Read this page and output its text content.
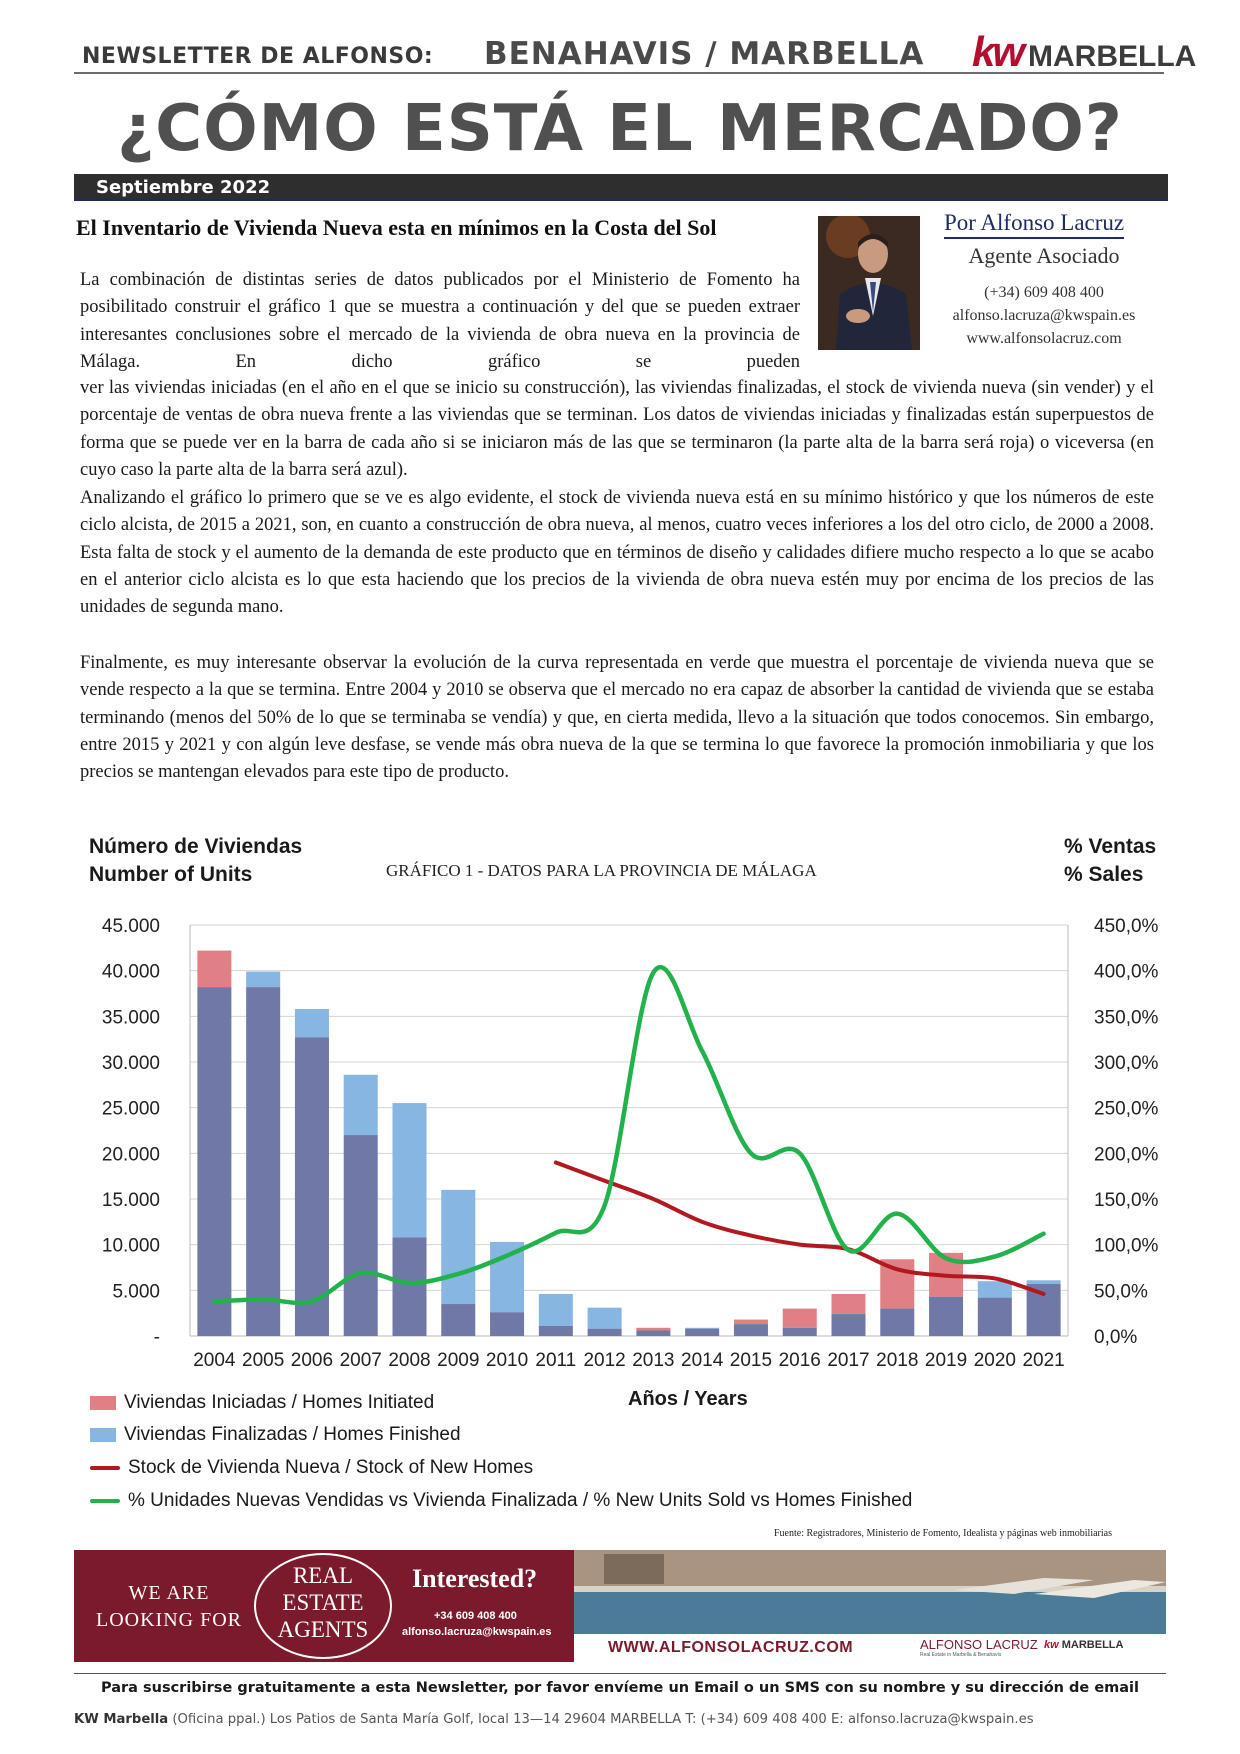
NEWSLETTER DE ALFONSO: BENAHAVIS / MARBELLA kw MARBELLA
¿CÓMO ESTÁ EL MERCADO?
Septiembre 2022
El Inventario de Vivienda Nueva esta en mínimos en la Costa del Sol	Por Alfonso Lacruz
Agente Asociado
(+34) 609 408 400
alfonso.lacruza@kwspain.es
www.alfonsolacruz.com
La combinación de distintas series de datos publicados por el Ministerio de Fomento ha posibilitado construir el gráfico 1 que se muestra a continuación y del que se pueden extraer interesantes conclusiones sobre el mercado de la vivienda de obra nueva en la provincia de Málaga. En dicho gráfico se pueden
ver las viviendas iniciadas (en el año en el que se inicio su construcción), las viviendas finalizadas, el stock de vivienda nueva (sin vender) y el porcentaje de ventas de obra nueva frente a las viviendas que se terminan. Los datos de viviendas iniciadas y finalizadas están superpuestos de forma que se puede ver en la barra de cada año si se iniciaron más de las que se terminaron (la parte alta de la barra será roja) o viceversa (en cuyo caso la parte alta de la barra será azul).
Analizando el gráfico lo primero que se ve es algo evidente, el stock de vivienda nueva está en su mínimo histórico y que los números de este ciclo alcista, de 2015 a 2021, son, en cuanto a construcción de obra nueva, al menos, cuatro veces inferiores a los del otro ciclo, de 2000 a 2008. Esta falta de stock y el aumento de la demanda de este producto que en términos de diseño y calidades difiere mucho respecto a lo que se acabo en el anterior ciclo alcista es lo que esta haciendo que los precios de la vivienda de obra nueva estén muy por encima de los precios de las unidades de segunda mano.
Finalmente, es muy interesante observar la evolución de la curva representada en verde que muestra el porcentaje de vivienda nueva que se vende respecto a la que se termina. Entre 2004 y 2010 se observa que el mercado no era capaz de absorber la cantidad de vivienda que se estaba terminando (menos del 50% de lo que se terminaba se vendía) y que, en cierta medida, llevo a la situación que todos conocemos. Sin embargo, entre 2015 y 2021 y con algún leve desfase, se vende más obra nueva de la que se termina lo que favorece la promoción inmobiliaria y que los precios se mantengan elevados para este tipo de producto.
Número de Viviendas
Number of Units
% Ventas
% Sales
GRÁFICO 1 - DATOS PARA LA PROVINCIA DE MÁLAGA
-
5.000
10.000
15.000
20.000
25.000
30.000
35.000
40.000
45.000
0,0%
50,0%
100,0%
150,0%
200,0%
250,0%
300,0%
350,0%
400,0%
450,0%
2004 2005 2006 2007 2008 2009 2010 2011 2012 2013 2014 2015 2016 2017 2018 2019 2020 2021
Años / Years
Viviendas Iniciadas / Homes Initiated
Viviendas Finalizadas / Homes Finished
Stock de Vivienda Nueva / Stock of New Homes
% Unidades Nuevas Vendidas vs Vivienda Finalizada / % New Units Sold vs Homes Finished
Fuente: Registradores, Ministerio de Fomento, Idealista y páginas web inmobiliarias
WE ARE
LOOKING FOR
REAL
ESTATE
AGENTS
Interested?
+34 609 408 400
alfonso.lacruza@kwspain.es
WWW.ALFONSOLACRUZ.COM	ALFONSO LACRUZ
Real Estate in Marbella & Benahavís
kw MARBELLA
Para suscribirse gratuitamente a esta Newsletter, por favor envíeme un Email o un SMS con su nombre y su dirección de email
KW Marbella (Oficina ppal.) Los Patios de Santa María Golf, local 13—14 29604 MARBELLA T: (+34) 609 408 400 E: alfonso.lacruza@kwspain.es
